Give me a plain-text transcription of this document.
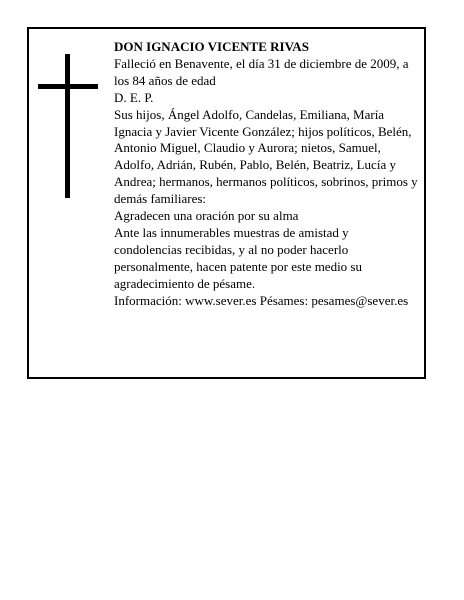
DON IGNACIO VICENTE RIVAS

Falleció en Benavente, el día 31 de diciembre de 2009, a los 84 años de edad

D. E. P.

Sus hijos, Ángel Adolfo, Candelas, Emiliana, María Ignacia y Javier Vicente González; hijos políticos, Belén, Antonio Miguel, Claudio y Aurora; nietos, Samuel, Adolfo, Adrián, Rubén, Pablo, Belén, Beatriz, Lucía y Andrea; hermanos, hermanos políticos, sobrinos, primos y demás familiares:

Agradecen una oración por su alma

Ante las innumerables muestras de amistad y condolencias recibidas, y al no poder hacerlo personalmente, hacen patente por este medio su agradecimiento de pésame.

Información: www.sever.es Pésames: pesames@sever.es
